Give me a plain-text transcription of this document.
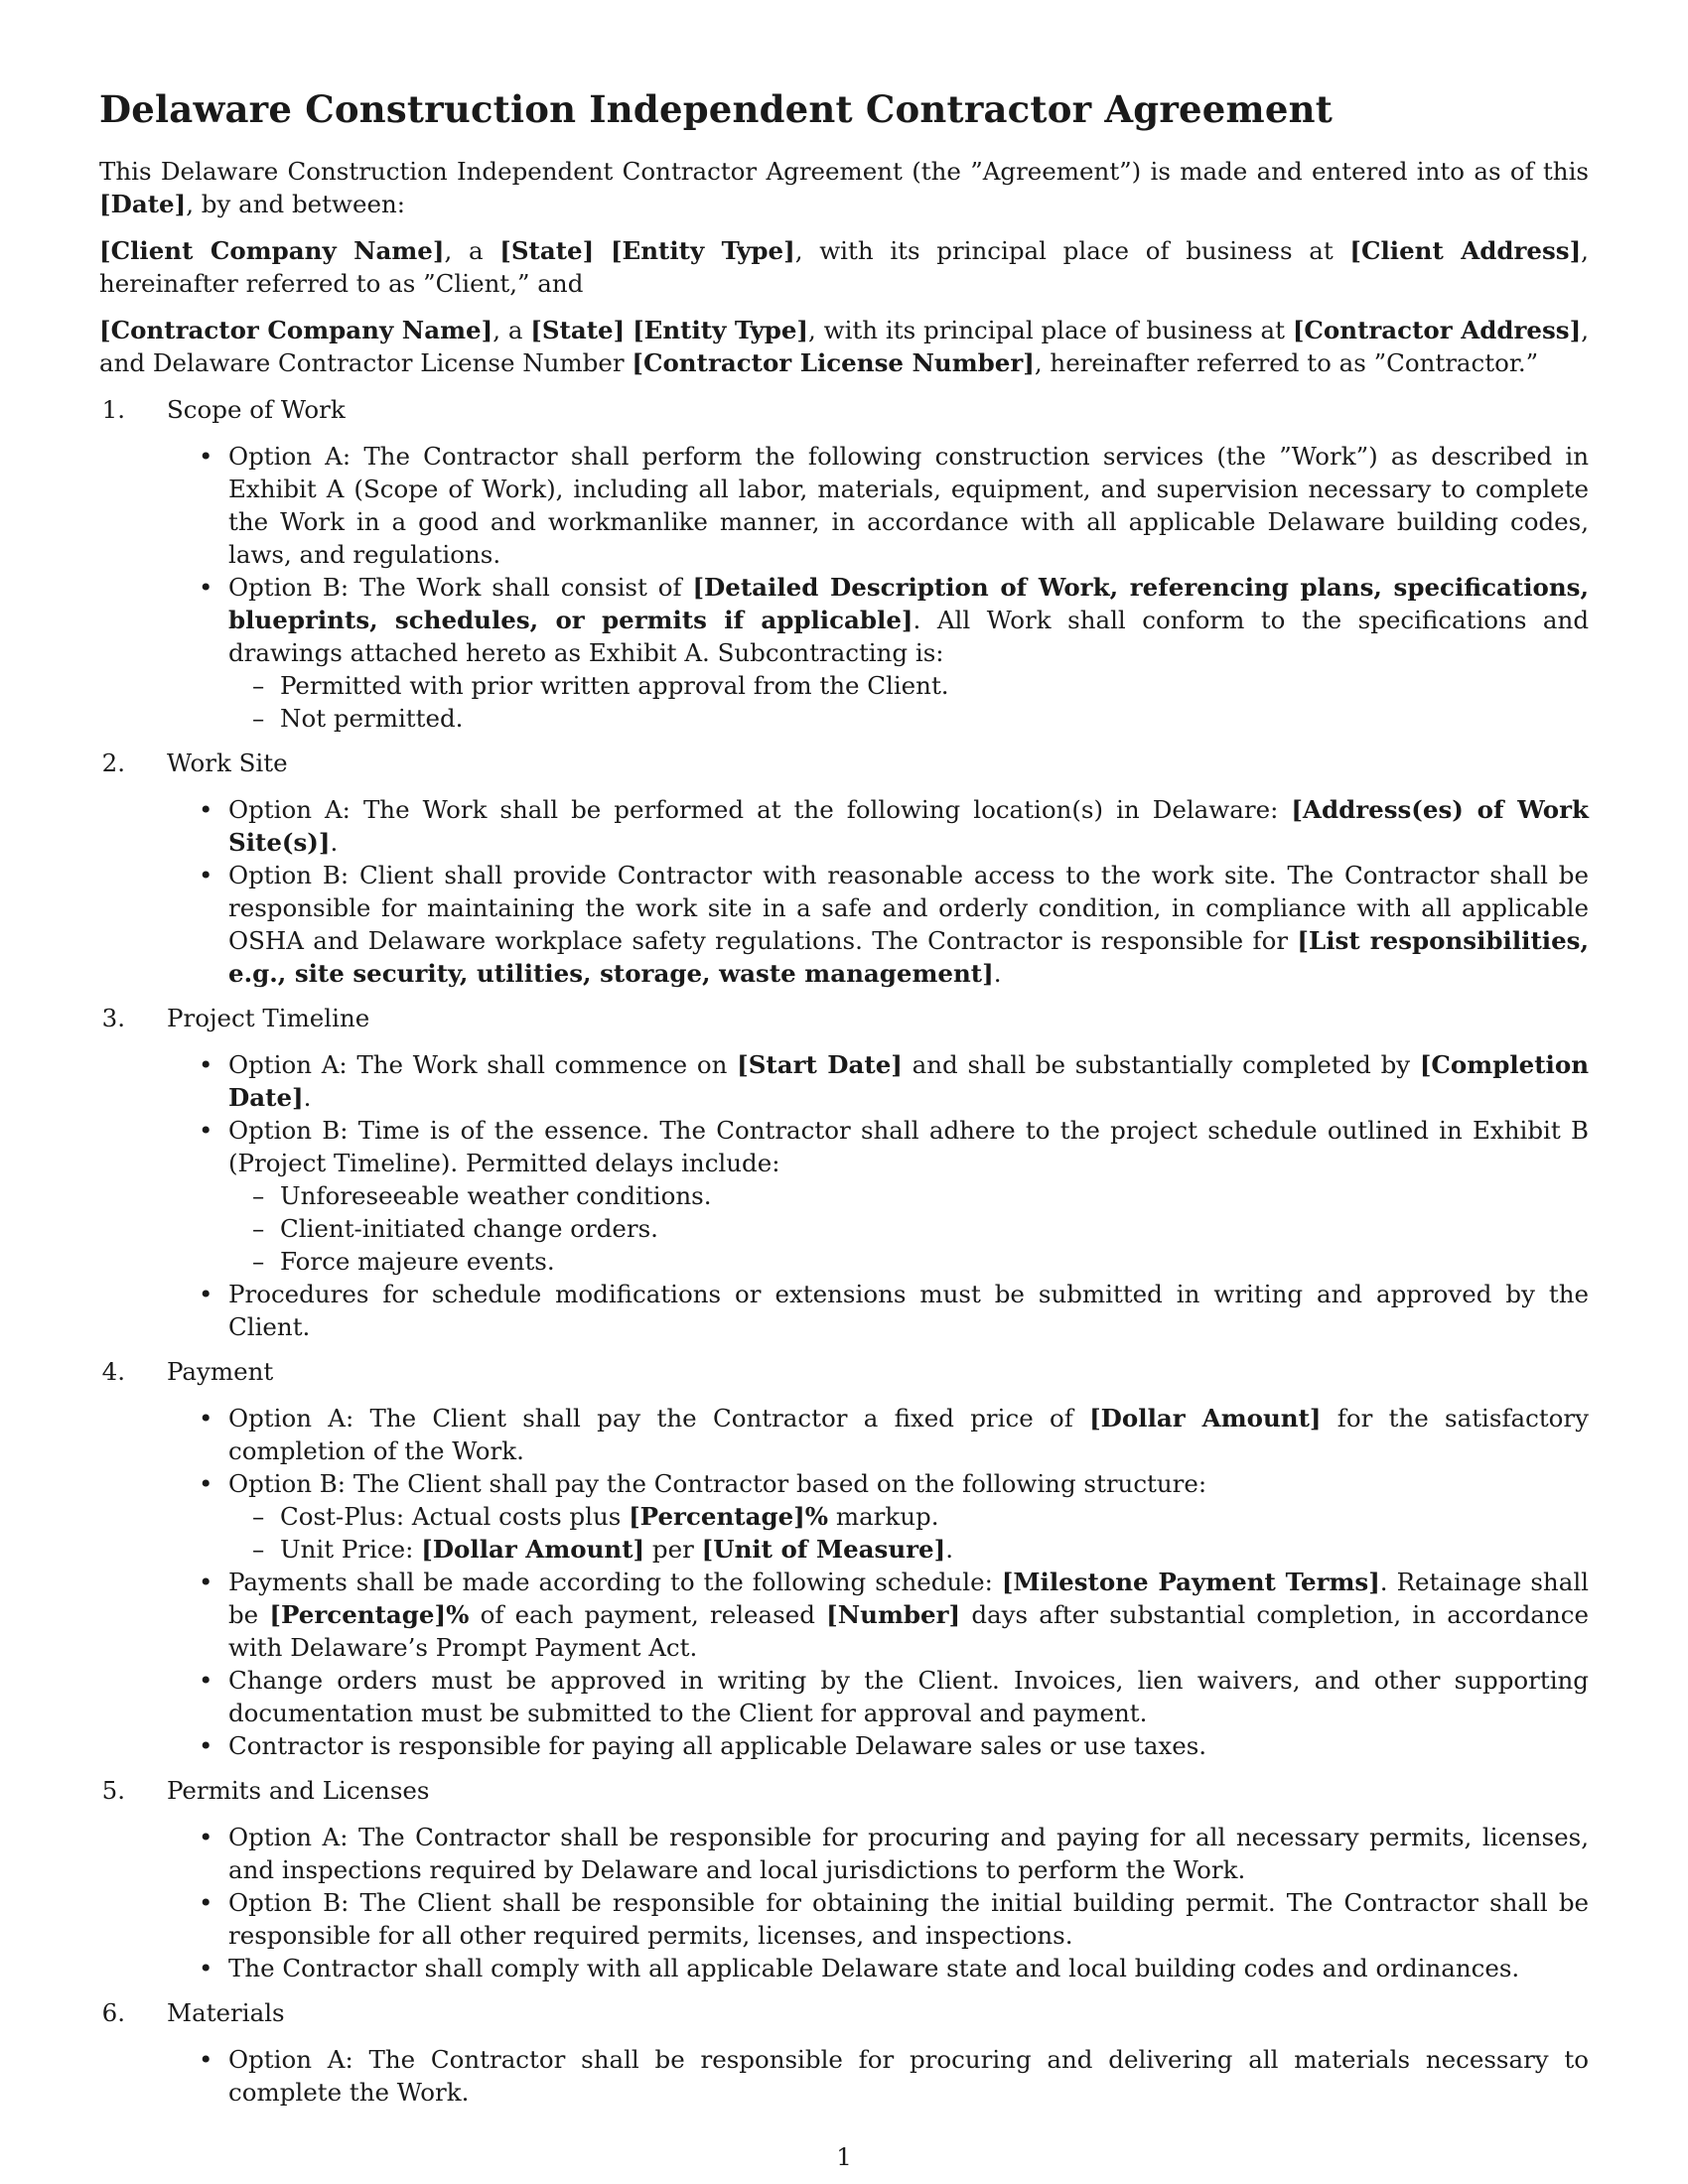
Delaware Construction Independent Contractor Agreement

This Delaware Construction Independent Contractor Agreement (the ”Agreement”) is made and entered into as of this [Date], by and between:

[Client Company Name], a [State] [Entity Type], with its principal place of business at [Client Address], hereinafter referred to as ”Client,” and

[Contractor Company Name], a [State] [Entity Type], with its principal place of business at [Contractor Address], and Delaware Contractor License Number [Contractor License Number], hereinafter referred to as ”Contractor.”

1. Scope of Work
• Option A: The Contractor shall perform the following construction services (the ”Work”) as described in Exhibit A (Scope of Work), including all labor, materials, equipment, and supervision necessary to complete the Work in a good and workmanlike manner, in accordance with all applicable Delaware building codes, laws, and regulations.
• Option B: The Work shall consist of [Detailed Description of Work, referencing plans, specifications, blueprints, schedules, or permits if applicable]. All Work shall conform to the specifications and drawings attached hereto as Exhibit A. Subcontracting is:
– Permitted with prior written approval from the Client.
– Not permitted.
2. Work Site
• Option A: The Work shall be performed at the following location(s) in Delaware: [Address(es) of Work Site(s)].
• Option B: Client shall provide Contractor with reasonable access to the work site. The Contractor shall be responsible for maintaining the work site in a safe and orderly condition, in compliance with all applicable OSHA and Delaware workplace safety regulations. The Contractor is responsible for [List responsibilities, e.g., site security, utilities, storage, waste management].
3. Project Timeline
• Option A: The Work shall commence on [Start Date] and shall be substantially completed by [Completion Date].
• Option B: Time is of the essence. The Contractor shall adhere to the project schedule outlined in Exhibit B (Project Timeline). Permitted delays include:
– Unforeseeable weather conditions.
– Client-initiated change orders.
– Force majeure events.
• Procedures for schedule modifications or extensions must be submitted in writing and approved by the Client.
4. Payment
• Option A: The Client shall pay the Contractor a fixed price of [Dollar Amount] for the satisfactory completion of the Work.
• Option B: The Client shall pay the Contractor based on the following structure:
– Cost-Plus: Actual costs plus [Percentage]% markup.
– Unit Price: [Dollar Amount] per [Unit of Measure].
• Payments shall be made according to the following schedule: [Milestone Payment Terms]. Retainage shall be [Percentage]% of each payment, released [Number] days after substantial completion, in accordance with Delaware’s Prompt Payment Act.
• Change orders must be approved in writing by the Client. Invoices, lien waivers, and other supporting documentation must be submitted to the Client for approval and payment.
• Contractor is responsible for paying all applicable Delaware sales or use taxes.
5. Permits and Licenses
• Option A: The Contractor shall be responsible for procuring and paying for all necessary permits, licenses, and inspections required by Delaware and local jurisdictions to perform the Work.
• Option B: The Client shall be responsible for obtaining the initial building permit. The Contractor shall be responsible for all other required permits, licenses, and inspections.
• The Contractor shall comply with all applicable Delaware state and local building codes and ordinances.
6. Materials
• Option A: The Contractor shall be responsible for procuring and delivering all materials necessary to complete the Work.
1
